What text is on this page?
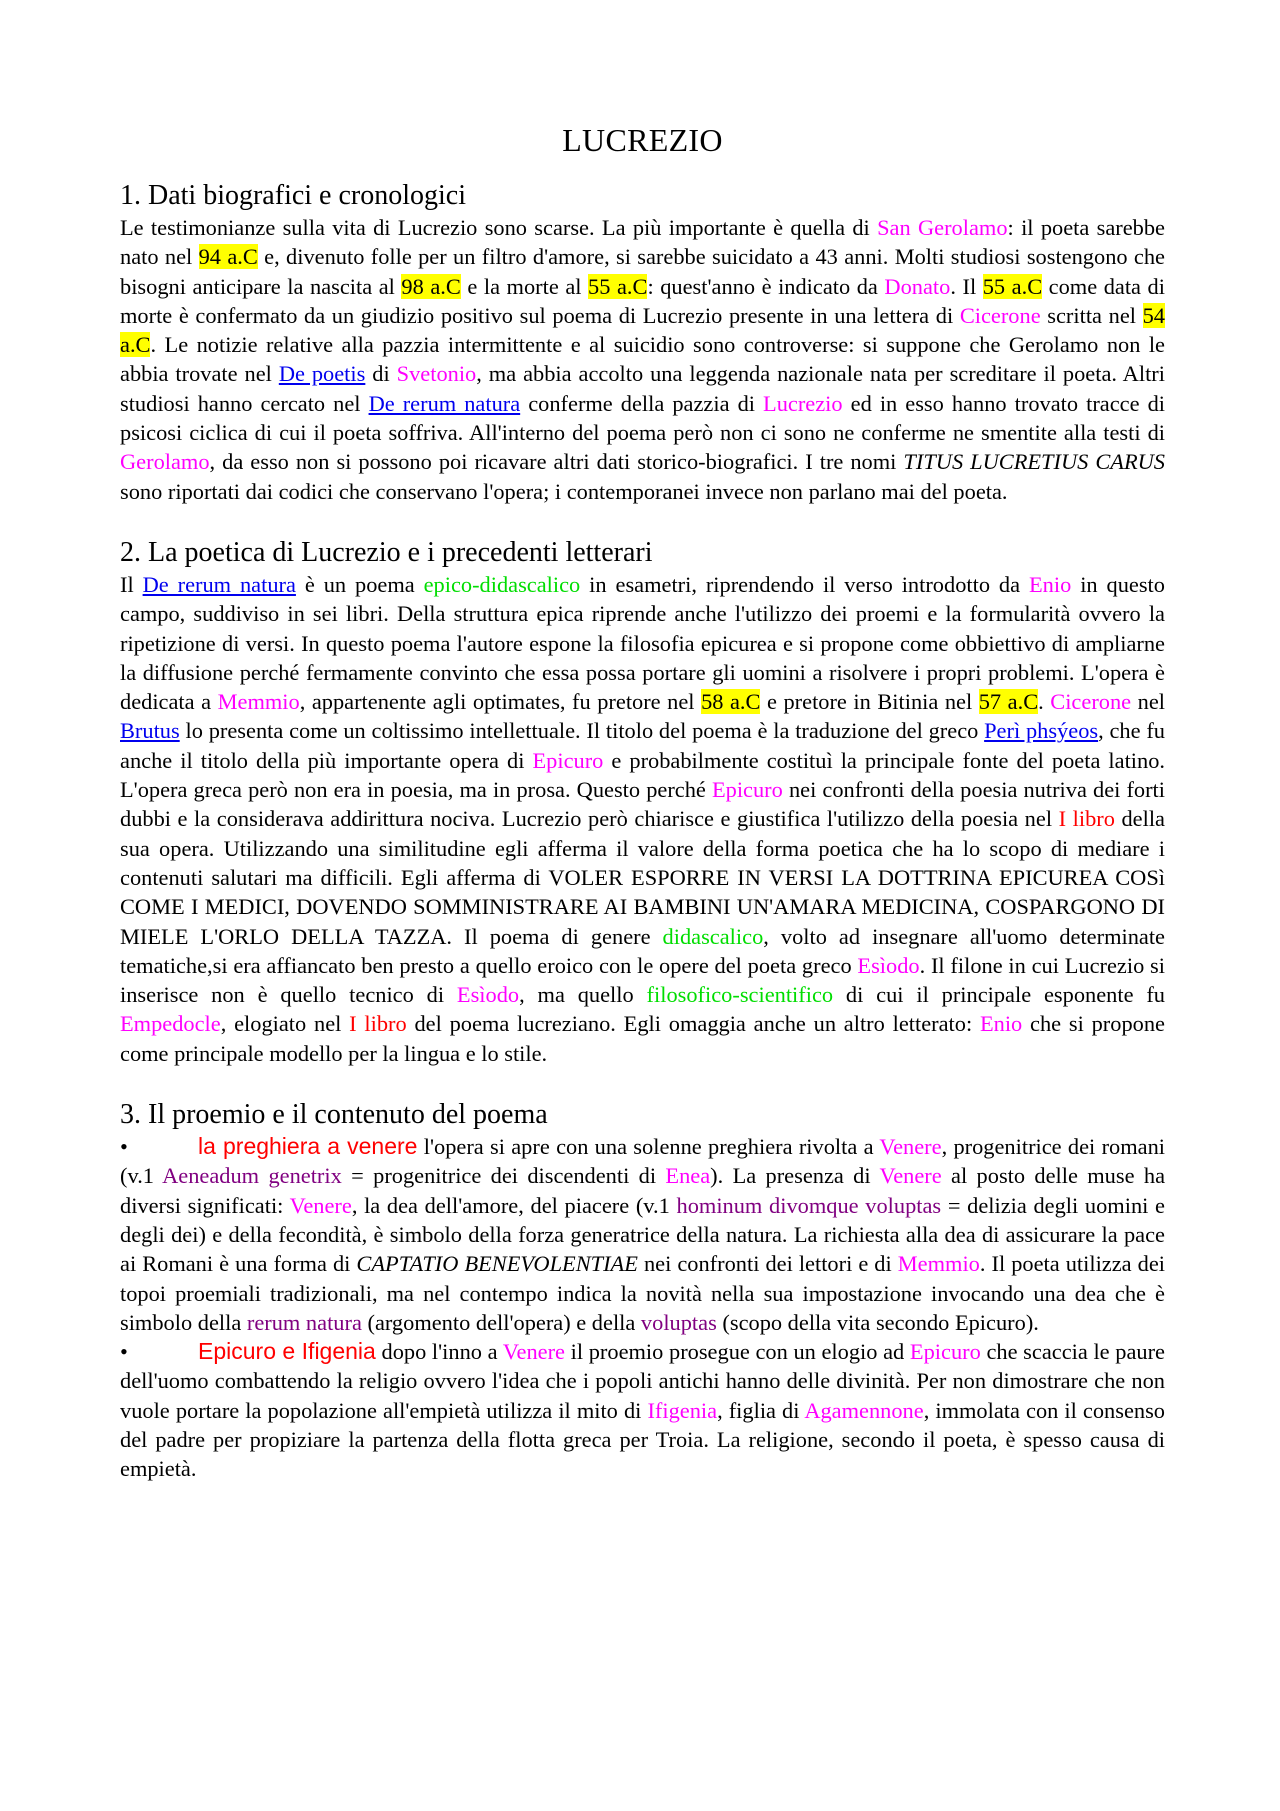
LUCREZIO
1. Dati biografici e cronologici

Le testimonianze sulla vita di Lucrezio sono scarse. La più importante è quella di San Gerolamo: il poeta sarebbe nato nel 94 a.C e, divenuto folle per un filtro d'amore, si sarebbe suicidato a 43 anni. Molti studiosi sostengono che bisogni anticipare la nascita al 98 a.C e la morte al 55 a.C: quest'anno è indicato da Donato. Il 55 a.C come data di morte è confermato da un giudizio positivo sul poema di Lucrezio presente in una lettera di Cicerone scritta nel 54 a.C. Le notizie relative alla pazzia intermittente e al suicidio sono controverse: si suppone che Gerolamo non le abbia trovate nel De poetis di Svetonio, ma abbia accolto una leggenda nazionale nata per screditare il poeta. Altri studiosi hanno cercato nel De rerum natura conferme della pazzia di Lucrezio ed in esso hanno trovato tracce di psicosi ciclica di cui il poeta soffriva. All'interno del poema però non ci sono ne conferme ne smentite alla testi di Gerolamo, da esso non si possono poi ricavare altri dati storico-biografici. I tre nomi TITUS LUCRETIUS CARUS sono riportati dai codici che conservano l'opera; i contemporanei invece non parlano mai del poeta.

2. La poetica di Lucrezio e i precedenti letterari

Il De rerum natura è un poema epico-didascalico in esametri, riprendendo il verso introdotto da Enio in questo campo, suddiviso in sei libri. Della struttura epica riprende anche l'utilizzo dei proemi e la formularità ovvero la ripetizione di versi. In questo poema l'autore espone la filosofia epicurea e si propone come obbiettivo di ampliarne la diffusione perché fermamente convinto che essa possa portare gli uomini a risolvere i propri problemi. L'opera è dedicata a Memmio, appartenente agli optimates, fu pretore nel 58 a.C e pretore in Bitinia nel 57 a.C. Cicerone nel Brutus lo presenta come un coltissimo intellettuale. Il titolo del poema è la traduzione del greco Perì phsýeos, che fu anche il titolo della più importante opera di Epicuro e probabilmente costituì la principale fonte del poeta latino. L'opera greca però non era in poesia, ma in prosa. Questo perché Epicuro nei confronti della poesia nutriva dei forti dubbi e la considerava addirittura nociva. Lucrezio però chiarisce e giustifica l'utilizzo della poesia nel I libro della sua opera. Utilizzando una similitudine egli afferma il valore della forma poetica che ha lo scopo di mediare i contenuti salutari ma difficili. Egli afferma di VOLER ESPORRE IN VERSI LA DOTTRINA EPICUREA COSì COME I MEDICI, DOVENDO SOMMINISTRARE AI BAMBINI UN'AMARA MEDICINA, COSPARGONO DI MIELE L'ORLO DELLA TAZZA. Il poema di genere didascalico, volto ad insegnare all'uomo determinate tematiche,si era affiancato ben presto a quello eroico con le opere del poeta greco Esìodo. Il filone in cui Lucrezio si inserisce non è quello tecnico di Esìodo, ma quello filosofico-scientifico di cui il principale esponente fu Empedocle, elogiato nel I libro del poema lucreziano. Egli omaggia anche un altro letterato: Enio che si propone come principale modello per la lingua e lo stile.

3. Il proemio e il contenuto del poema

•	la preghiera a venere l'opera si apre con una solenne preghiera rivolta a Venere, progenitrice dei romani (v.1 Aeneadum genetrix = progenitrice dei discendenti di Enea). La presenza di Venere al posto delle muse ha diversi significati: Venere, la dea dell'amore, del piacere (v.1 hominum divomque voluptas = delizia degli uomini e degli dei) e della fecondità, è simbolo della forza generatrice della natura. La richiesta alla dea di assicurare la pace ai Romani è una forma di CAPTATIO BENEVOLENTIAE nei confronti dei lettori e di Memmio. Il poeta utilizza dei topoi proemiali tradizionali, ma nel contempo indica la novità nella sua impostazione invocando una dea che è simbolo della rerum natura (argomento dell'opera) e della voluptas (scopo della vita secondo Epicuro).

•	Epicuro e Ifigenia dopo l'inno a Venere il proemio prosegue con un elogio ad Epicuro che scaccia le paure dell'uomo combattendo la religio ovvero l'idea che i popoli antichi hanno delle divinità. Per non dimostrare che non vuole portare la popolazione all'empietà utilizza il mito di Ifigenia, figlia di Agamennone, immolata con il consenso del padre per propiziare la partenza della flotta greca per Troia. La religione, secondo il poeta, è spesso causa di empietà.
